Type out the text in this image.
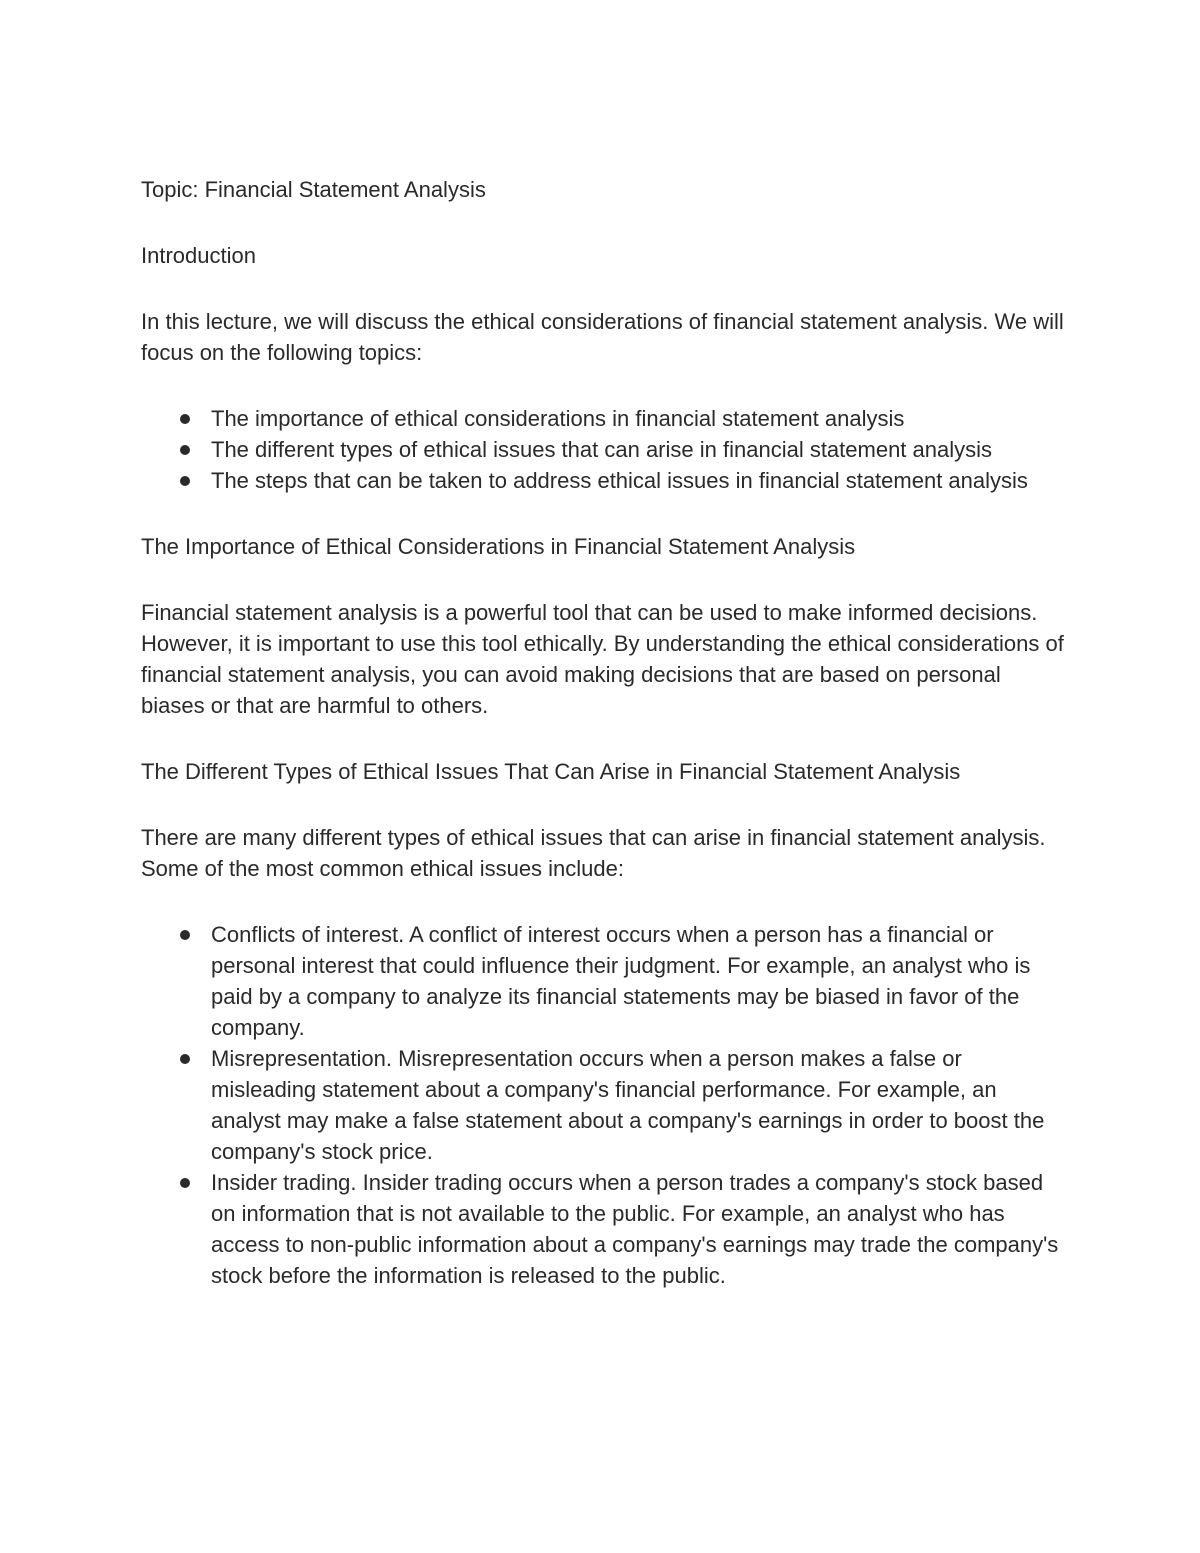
Topic: Financial Statement Analysis

Introduction

In this lecture, we will discuss the ethical considerations of financial statement analysis. We will focus on the following topics:

The importance of ethical considerations in financial statement analysis
The different types of ethical issues that can arise in financial statement analysis
The steps that can be taken to address ethical issues in financial statement analysis

The Importance of Ethical Considerations in Financial Statement Analysis

Financial statement analysis is a powerful tool that can be used to make informed decisions. However, it is important to use this tool ethically. By understanding the ethical considerations of financial statement analysis, you can avoid making decisions that are based on personal biases or that are harmful to others.

The Different Types of Ethical Issues That Can Arise in Financial Statement Analysis

There are many different types of ethical issues that can arise in financial statement analysis. Some of the most common ethical issues include:

Conflicts of interest. A conflict of interest occurs when a person has a financial or personal interest that could influence their judgment. For example, an analyst who is paid by a company to analyze its financial statements may be biased in favor of the company.
Misrepresentation. Misrepresentation occurs when a person makes a false or misleading statement about a company's financial performance. For example, an analyst may make a false statement about a company's earnings in order to boost the company's stock price.
Insider trading. Insider trading occurs when a person trades a company's stock based on information that is not available to the public. For example, an analyst who has access to non-public information about a company's earnings may trade the company's stock before the information is released to the public.
